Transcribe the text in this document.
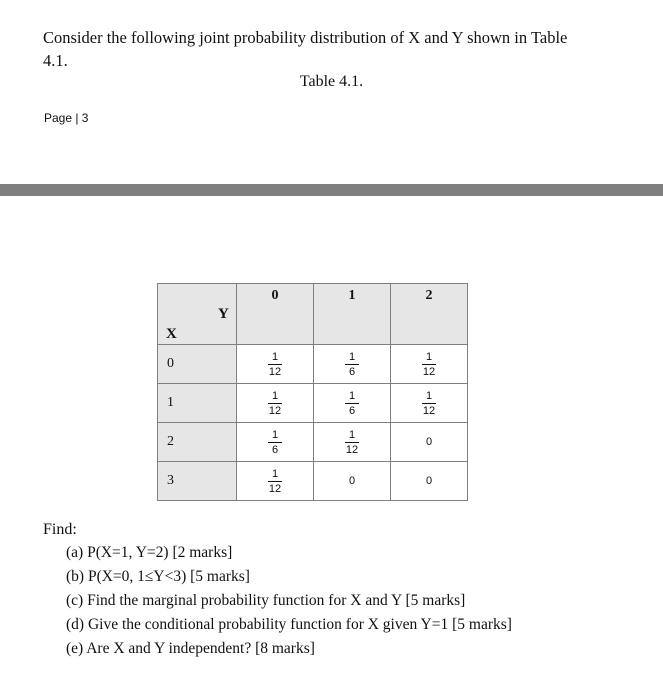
Consider the following joint probability distribution of X and Y shown in Table
4.1.
Table 4.1.
Page | 3
Y
X	0	1	2

0	$\frac{1}{12}$	$\frac{1}{6}$	$\frac{1}{12}$

1	$\frac{1}{12}$	$\frac{1}{6}$	$\frac{1}{12}$

2	$\frac{1}{6}$	$\frac{1}{12}$	0
3	$\frac{1}{12}$	0	0
Find:
(a) P(X=1, Y=2) [2 marks]
(b) P(X=0, 1≤Y<3) [5 marks]
(c) Find the marginal probability function for X and Y [5 marks]
(d) Give the conditional probability function for X given Y=1 [5 marks]
(e) Are X and Y independent? [8 marks]
